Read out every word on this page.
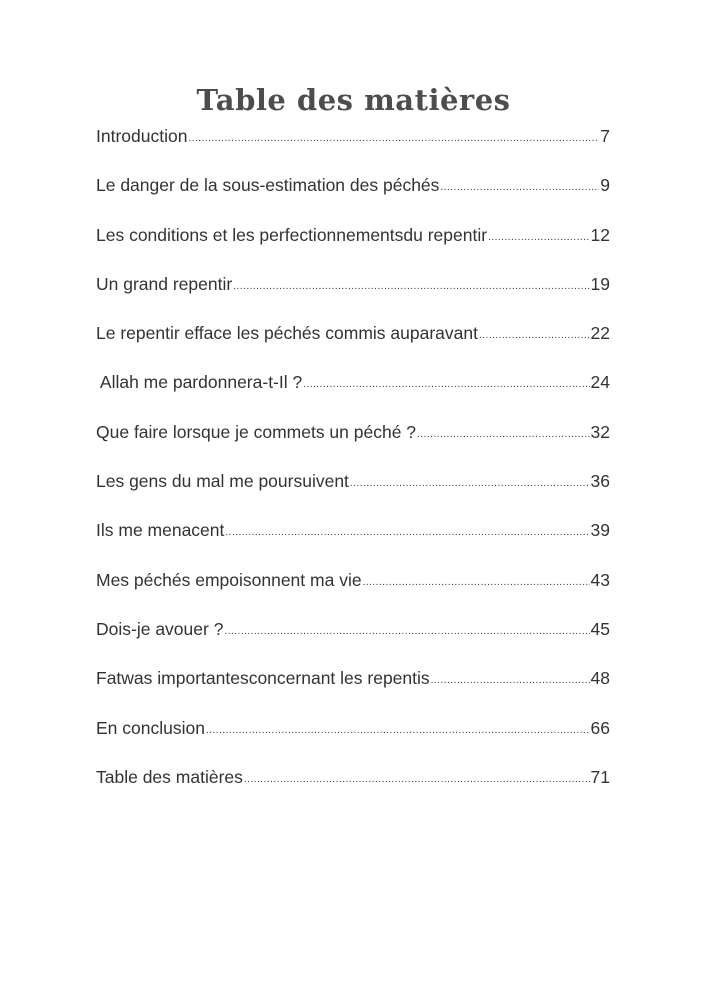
Table des matières
Introduction .....	7
Le danger de la sous-estimation des péchés .....	9
Les conditions et les perfectionnementsdu repentir .....	12
Un grand repentir .....	19
Le repentir efface les péchés commis auparavant .....	22
Allah me pardonnera-t-Il ? .....	24
Que faire lorsque je commets un péché ? .....	32
Les gens du mal me poursuivent .....	36
Ils me menacent .....	39
Mes péchés empoisonnent ma vie .....	43
Dois-je avouer ? .....	45
Fatwas importantesconcernant les repentis .....	48
En conclusion .....	66
Table des matières .....	71
